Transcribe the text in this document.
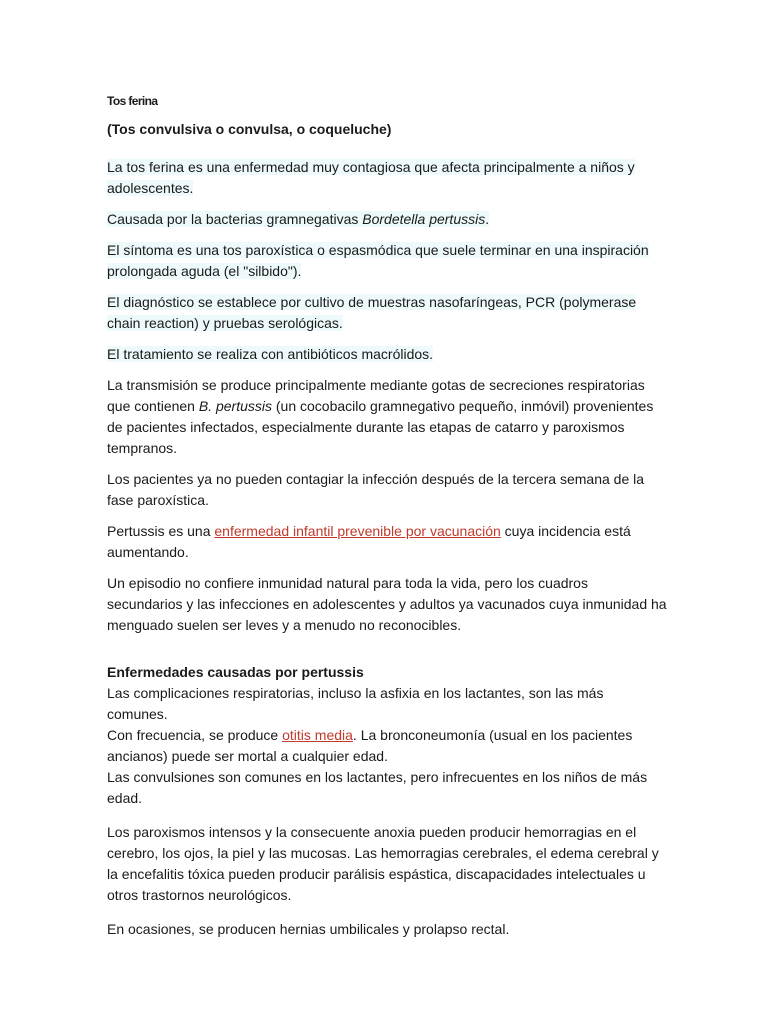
Tos ferina
(Tos convulsiva o convulsa, o coqueluche)

La tos ferina es una enfermedad muy contagiosa que afecta principalmente a niños y adolescentes.

Causada por la bacterias gramnegativas Bordetella pertussis.

El síntoma es una tos paroxística o espasmódica que suele terminar en una inspiración prolongada aguda (el "silbido").

El diagnóstico se establece por cultivo de muestras nasofaríngeas, PCR (polymerase chain reaction) y pruebas serológicas.

El tratamiento se realiza con antibióticos macrólidos.

La transmisión se produce principalmente mediante gotas de secreciones respiratorias que contienen B. pertussis (un cocobacilo gramnegativo pequeño, inmóvil) provenientes de pacientes infectados, especialmente durante las etapas de catarro y paroxismos tempranos.

Los pacientes ya no pueden contagiar la infección después de la tercera semana de la fase paroxística.

Pertussis es una enfermedad infantil prevenible por vacunación cuya incidencia está aumentando.

Un episodio no confiere inmunidad natural para toda la vida, pero los cuadros secundarios y las infecciones en adolescentes y adultos ya vacunados cuya inmunidad ha menguado suelen ser leves y a menudo no reconocibles.

Enfermedades causadas por pertussis
Las complicaciones respiratorias, incluso la asfixia en los lactantes, son las más comunes.
Con frecuencia, se produce otitis media. La bronconeumonía (usual en los pacientes ancianos) puede ser mortal a cualquier edad.
Las convulsiones son comunes en los lactantes, pero infrecuentes en los niños de más edad.

Los paroxismos intensos y la consecuente anoxia pueden producir hemorragias en el cerebro, los ojos, la piel y las mucosas. Las hemorragias cerebrales, el edema cerebral y la encefalitis tóxica pueden producir parálisis espástica, discapacidades intelectuales u otros trastornos neurológicos.

En ocasiones, se producen hernias umbilicales y prolapso rectal.
